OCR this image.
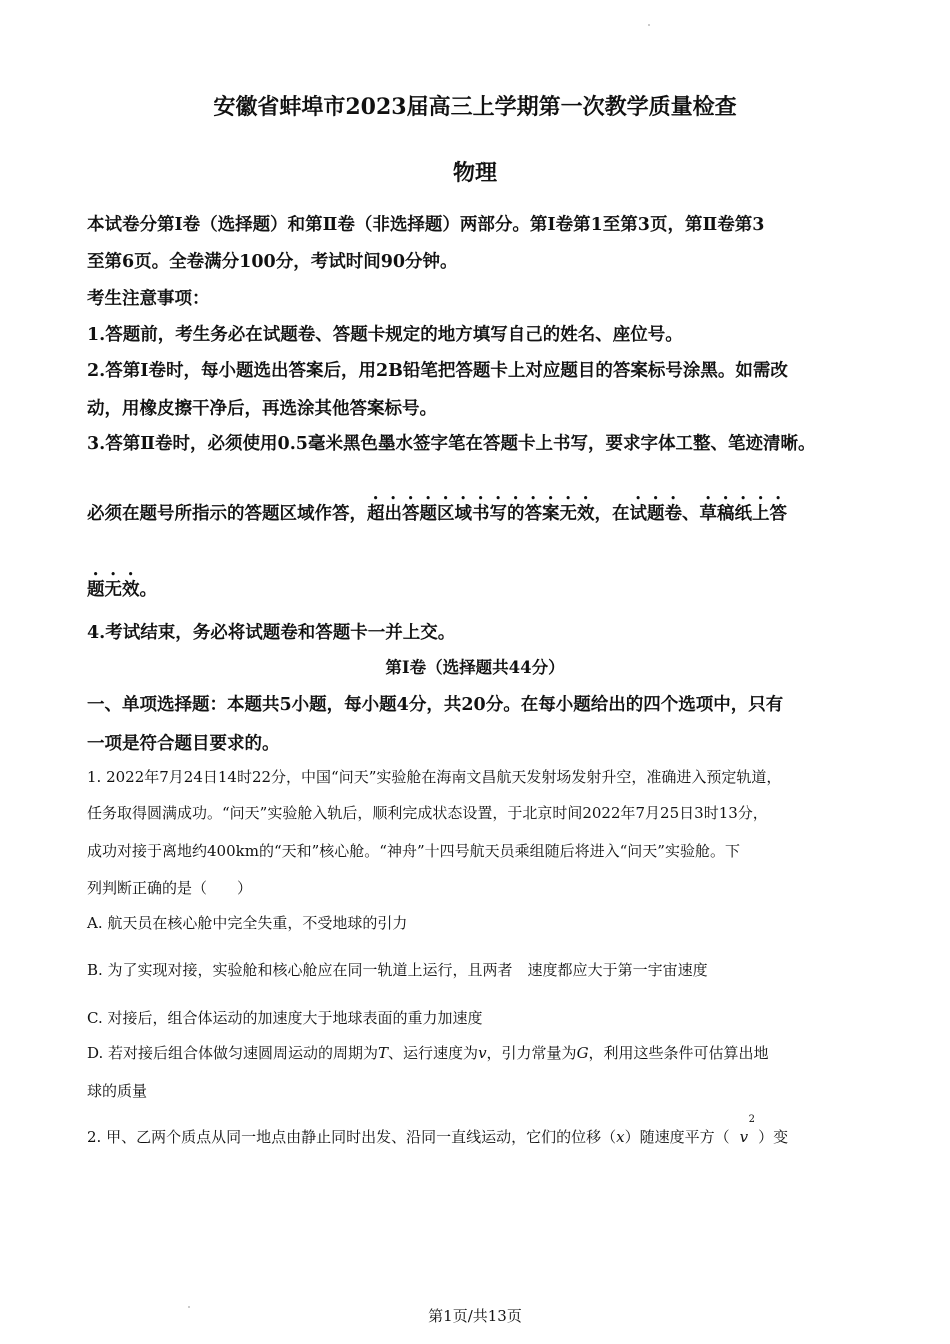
安徽省蚌埠市2023届高三上学期第一次教学质量检查
物理
本试卷分第Ⅰ卷（选择题）和第Ⅱ卷（非选择题）两部分。第Ⅰ卷第1至第3页，第Ⅱ卷第3
至第6页。全卷满分100分，考试时间90分钟。
考生注意事项：
1.答题前，考生务必在试题卷、答题卡规定的地方填写自己的姓名、座位号。
2.答第Ⅰ卷时，每小题选出答案后，用2B铅笔把答题卡上对应题目的答案标号涂黑。如需改
动，用橡皮擦干净后，再选涂其他答案标号。
3.答第Ⅱ卷时，必须使用0.5毫米黑色墨水签字笔在答题卡上书写，要求字体工整、笔迹清晰。
必须在题号所指示的答题区域作答，超出答题区域书写的答案无效，在试题卷、草稿纸上答
题无效。
4.考试结束，务必将试题卷和答题卡一并上交。
第Ⅰ卷（选择题共44分）
一、单项选择题：本题共5小题，每小题4分，共20分。在每小题给出的四个选项中，只有
一项是符合题目要求的。
1. 2022年7月24日14时22分，中国“问天”实验舱在海南文昌航天发射场发射升空，准确进入预定轨道，
任务取得圆满成功。“问天”实验舱入轨后，顺利完成状态设置，于北京时间2022年7月25日3时13分，
成功对接于离地约400km的“天和”核心舱。“神舟”十四号航天员乘组随后将进入“问天”实验舱。下
列判断正确的是（　　）
A. 航天员在核心舱中完全失重，不受地球的引力
B. 为了实现对接，实验舱和核心舱应在同一轨道上运行，且两者　速度都应大于第一宇宙速度
C. 对接后，组合体运动的加速度大于地球表面的重力加速度
D. 若对接后组合体做匀速圆周运动的周期为T、运行速度为v，引力常量为G，利用这些条件可估算出地
球的质量
2. 甲、乙两个质点从同一地点由静止同时出发、沿同一直线运动，它们的位移（x）随速度平方（ v
2
）变
第1页/共13页
